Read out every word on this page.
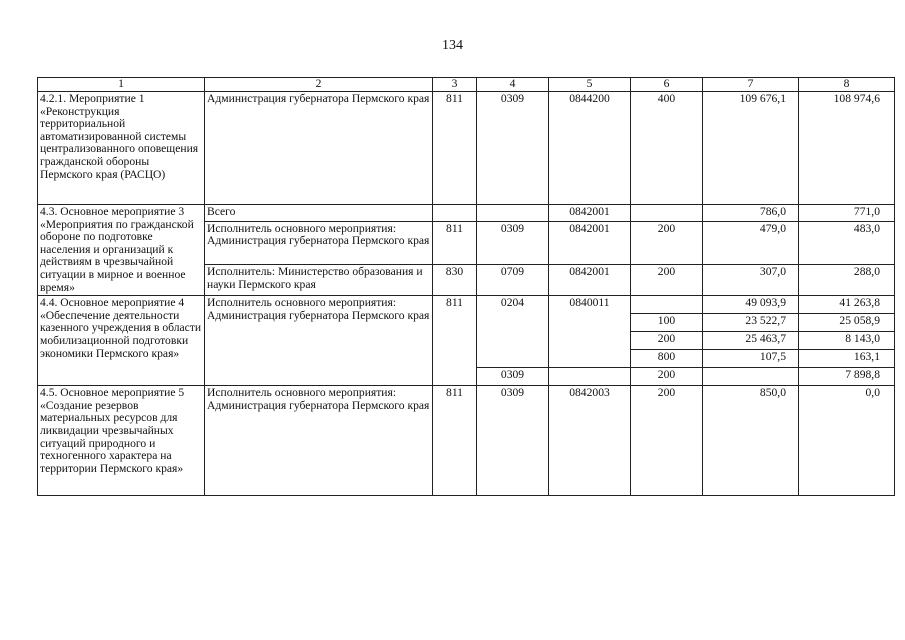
134
1	2	3	4	5	6	7	8
4.2.1. Мероприятие 1 «Реконструкция территориальной автоматизированной системы централизованного оповещения гражданской обороны Пермского края (РАСЦО)	Администрация губернатора Пермского края	811	0309	0844200	400	109 676,1	108 974,6
4.3. Основное мероприятие 3 «Мероприятия по гражданской обороне по подготовке населения и организаций к действиям в чрезвычайной ситуации в мирное и военное время»	Всего			0842001		786,0	771,0
	Исполнитель основного мероприятия: Администрация губернатора Пермского края	811	0309	0842001	200	479,0	483,0
	Исполнитель: Министерство образования и науки Пермского края	830	0709	0842001	200	307,0	288,0
4.4. Основное мероприятие 4 «Обеспечение деятельности казенного учреждения в области мобилизационной подготовки экономики Пермского края»	Исполнитель основного мероприятия: Администрация губернатора Пермского края	811	0204	0840011		49 093,9	41 263,8
					100	23 522,7	25 058,9
					200	25 463,7	8 143,0
					800	107,5	163,1
			0309		200		7 898,8
4.5. Основное мероприятие 5 «Создание резервов материальных ресурсов для ликвидации чрезвычайных ситуаций природного и техногенного характера на территории Пермского края»	Исполнитель основного мероприятия: Администрация губернатора Пермского края	811	0309	0842003	200	850,0	0,0
